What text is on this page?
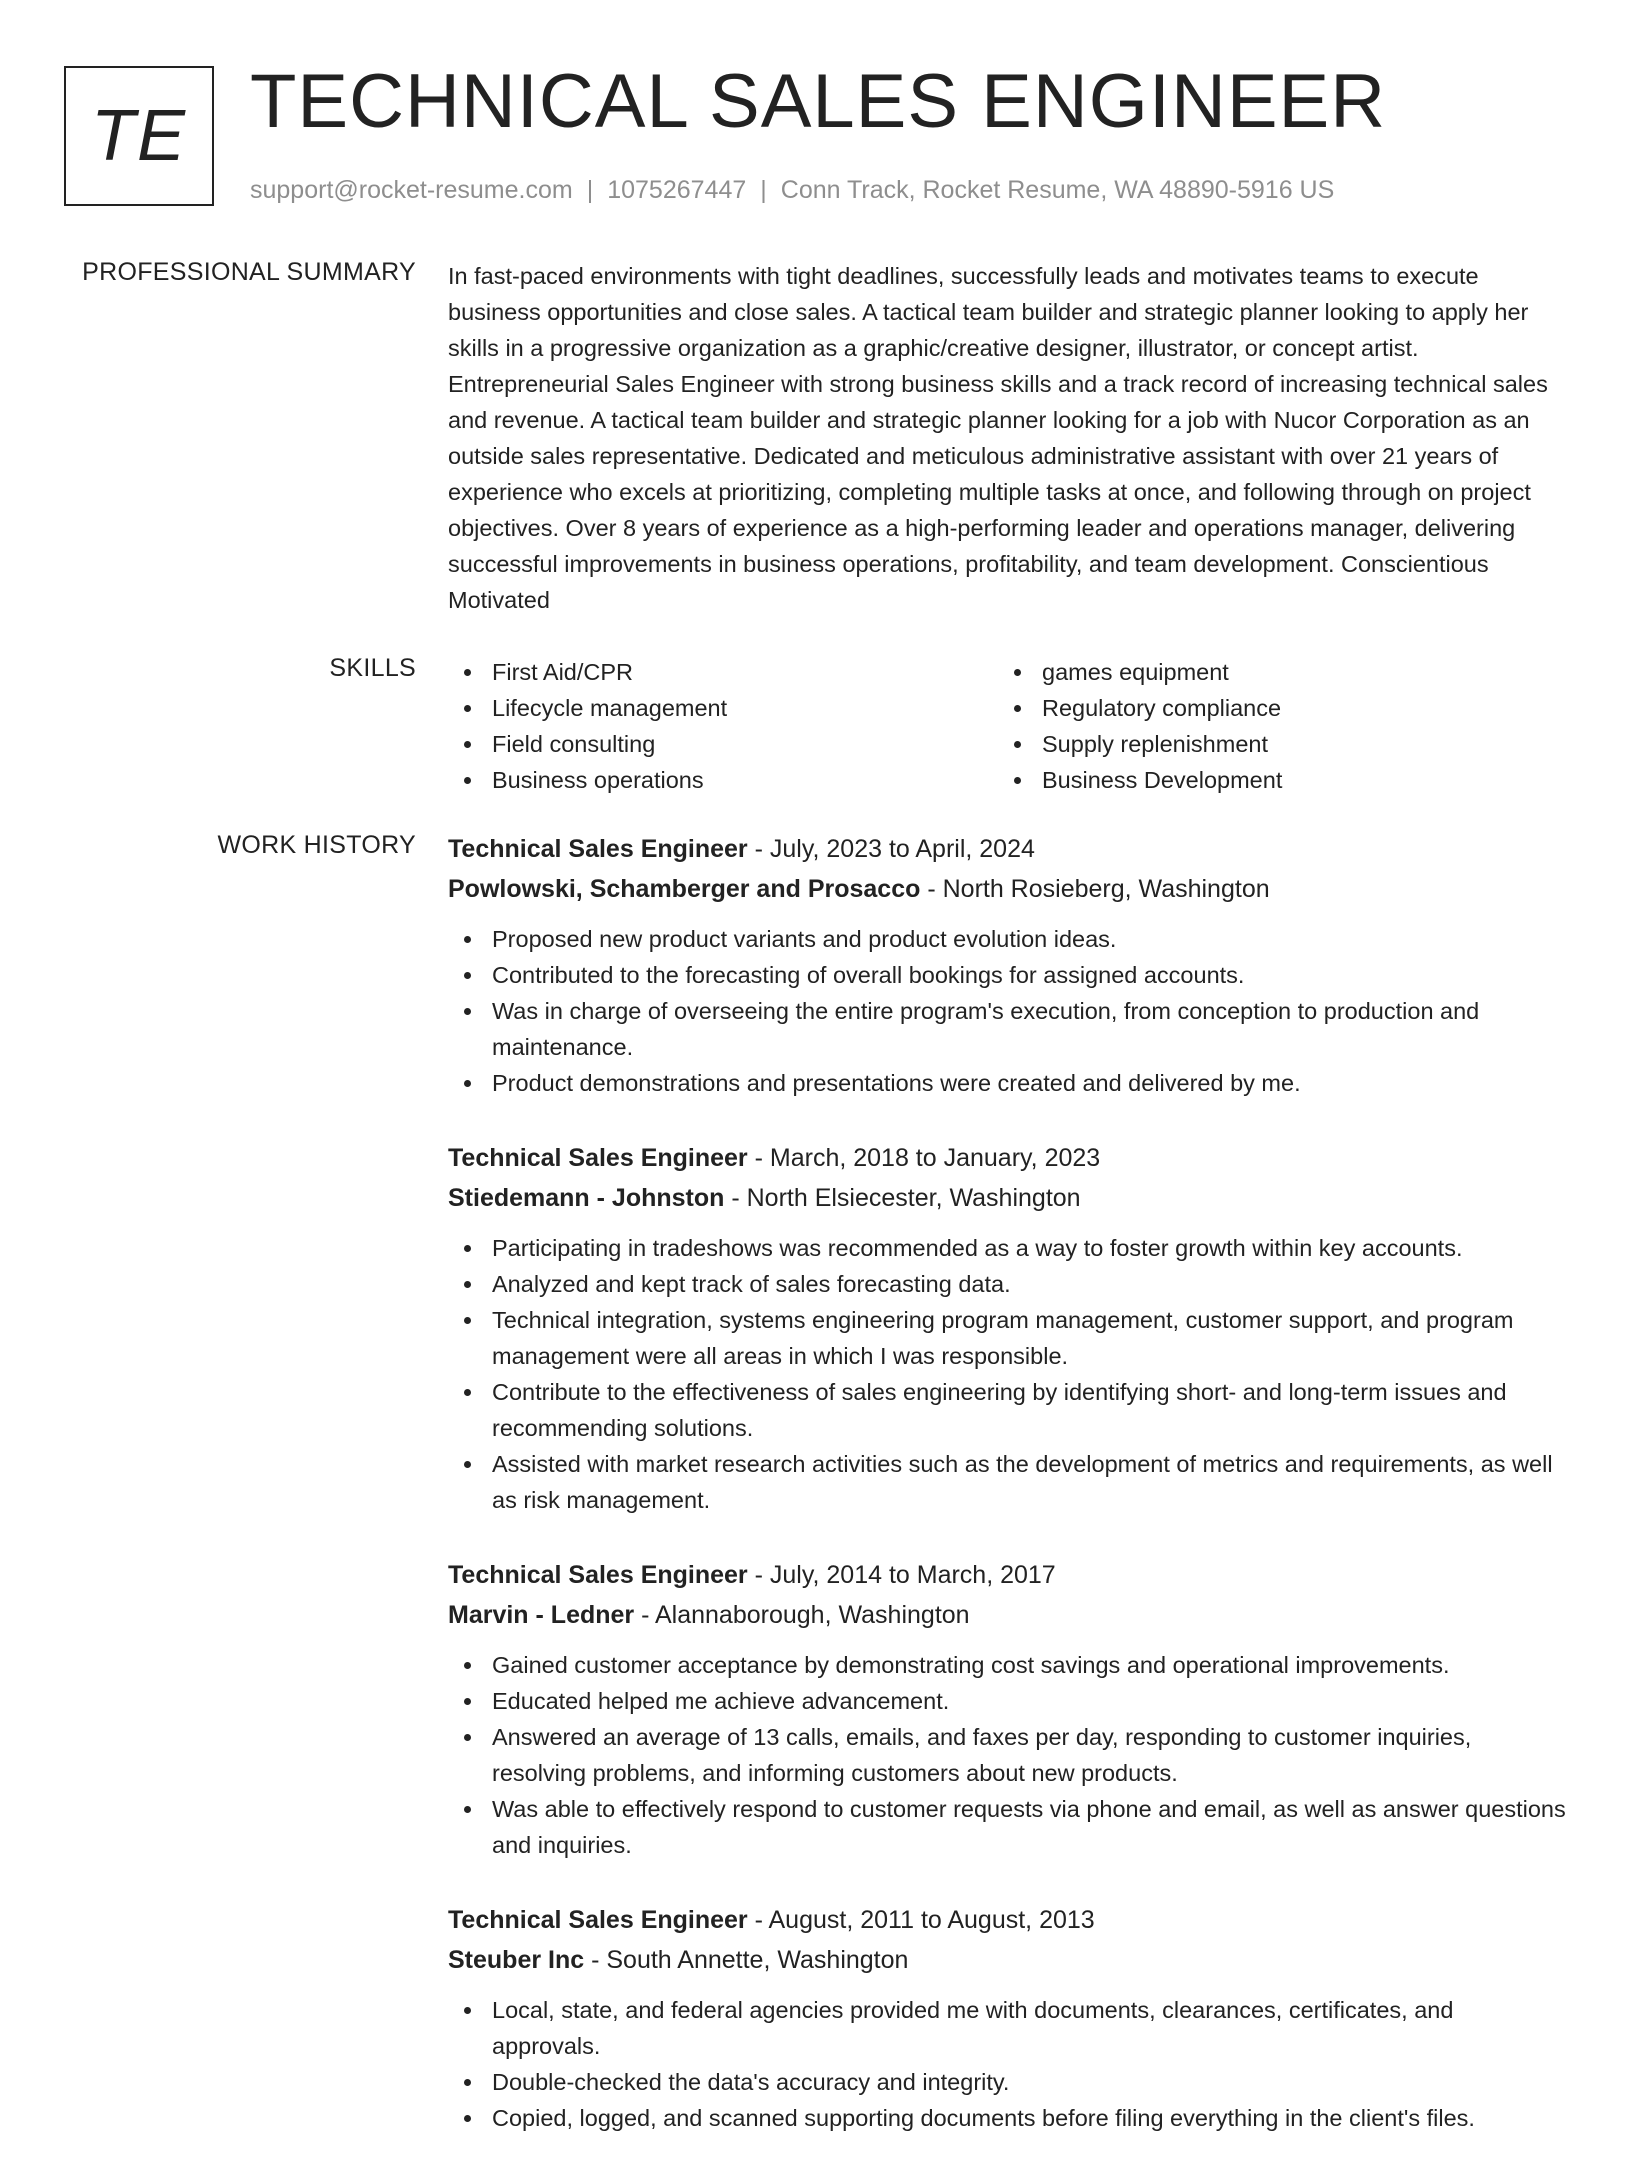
TE TECHNICAL SALES ENGINEER
support@rocket-resume.com | 1075267447 | Conn Track, Rocket Resume, WA 48890-5916 US
PROFESSIONAL SUMMARY In fast-paced environments with tight deadlines, successfully leads and motivates teams to execute business opportunities and close sales. A tactical team builder and strategic planner looking to apply her skills in a progressive organization as a graphic/creative designer, illustrator, or concept artist. Entrepreneurial Sales Engineer with strong business skills and a track record of increasing technical sales and revenue. A tactical team builder and strategic planner looking for a job with Nucor Corporation as an outside sales representative. Dedicated and meticulous administrative assistant with over 21 years of experience who excels at prioritizing, completing multiple tasks at once, and following through on project objectives. Over 8 years of experience as a high-performing leader and operations manager, delivering successful improvements in business operations, profitability, and team development. Conscientious Motivated

SKILLS	First Aid/CPR
Lifecycle management
Field consulting
Business operations
games equipment
Regulatory compliance
Supply replenishment
Business Development
WORK HISTORY Technical Sales Engineer - July, 2023 to April, 2024
Powlowski, Schamberger and Prosacco - North Rosieberg, Washington
Proposed new product variants and product evolution ideas.
Contributed to the forecasting of overall bookings for assigned accounts.
Was in charge of overseeing the entire program's execution, from conception to production and maintenance.
Product demonstrations and presentations were created and delivered by me.
Technical Sales Engineer - March, 2018 to January, 2023
Stiedemann - Johnston - North Elsiecester, Washington
Participating in tradeshows was recommended as a way to foster growth within key accounts.
Analyzed and kept track of sales forecasting data.
Technical integration, systems engineering program management, customer support, and program management were all areas in which I was responsible.
Contribute to the effectiveness of sales engineering by identifying short- and long-term issues and recommending solutions.
Assisted with market research activities such as the development of metrics and requirements, as well as risk management.
Technical Sales Engineer - July, 2014 to March, 2017
Marvin - Ledner - Alannaborough, Washington
Gained customer acceptance by demonstrating cost savings and operational improvements.
Educated helped me achieve advancement.
Answered an average of 13 calls, emails, and faxes per day, responding to customer inquiries, resolving problems, and informing customers about new products.
Was able to effectively respond to customer requests via phone and email, as well as answer questions and inquiries.
Technical Sales Engineer - August, 2011 to August, 2013
Steuber Inc - South Annette, Washington
Local, state, and federal agencies provided me with documents, clearances, certificates, and approvals.
Double-checked the data's accuracy and integrity.
Copied, logged, and scanned supporting documents before filing everything in the client's files.
